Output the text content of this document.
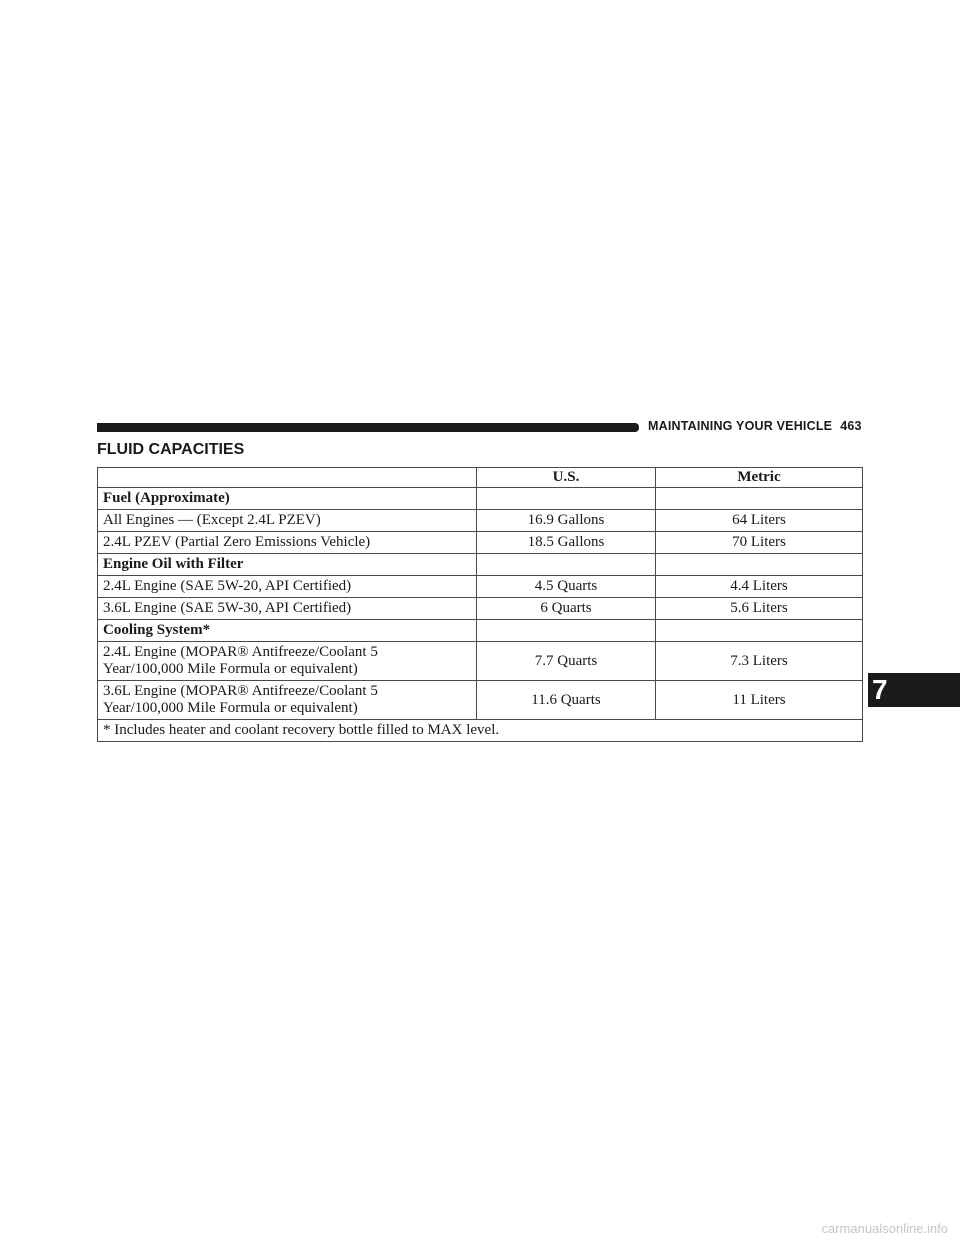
MAINTAINING YOUR VEHICLE 463
FLUID CAPACITIES
	U.S.	Metric
Fuel (Approximate)		
All Engines — (Except 2.4L PZEV)	16.9 Gallons	64 Liters
2.4L PZEV (Partial Zero Emissions Vehicle)	18.5 Gallons	70 Liters
Engine Oil with Filter		
2.4L Engine (SAE 5W-20, API Certified)	4.5 Quarts	4.4 Liters
3.6L Engine (SAE 5W-30, API Certified)	6 Quarts	5.6 Liters
Cooling System*		

2.4L Engine (MOPAR® Antifreeze/Coolant 5
Year/100,000 Mile Formula or equivalent)	7.7 Quarts	7.3 Liters

3.6L Engine (MOPAR® Antifreeze/Coolant 5
Year/100,000 Mile Formula or equivalent)	11.6 Quarts	11 Liters
* Includes heater and coolant recovery bottle filled to MAX level.		
7
carmanualsonline.info
